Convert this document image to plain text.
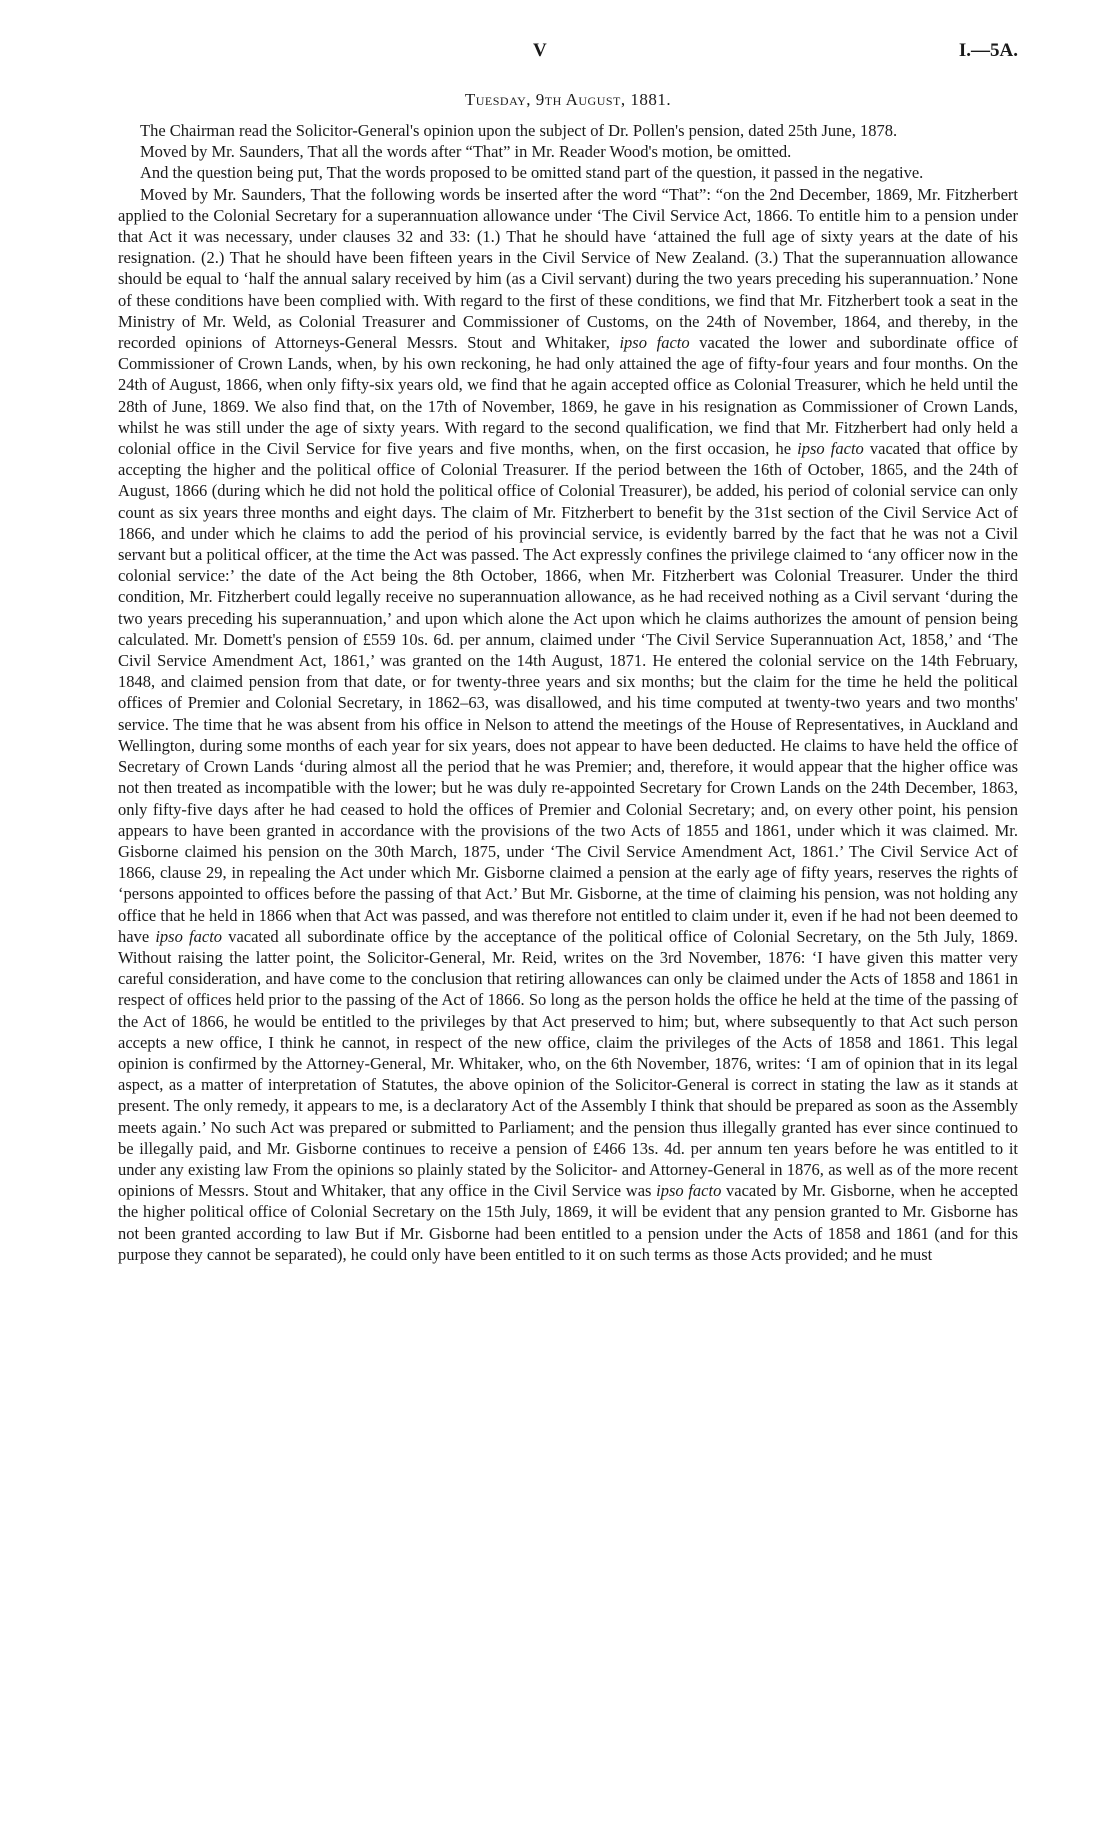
V	I.—5A.
Tuesday, 9th August, 1881.

The Chairman read the Solicitor-General's opinion upon the subject of Dr. Pollen's pension, dated 25th June, 1878.

Moved by Mr. Saunders, That all the words after “That” in Mr. Reader Wood's motion, be omitted.

And the question being put, That the words proposed to be omitted stand part of the question, it passed in the negative.

Moved by Mr. Saunders, That the following words be inserted after the word “That”: “on the 2nd December, 1869, Mr. Fitzherbert applied to the Colonial Secretary for a superannuation allowance under ‘The Civil Service Act, 1866. To entitle him to a pension under that Act it was necessary, under clauses 32 and 33: (1.) That he should have ‘attained the full age of sixty years at the date of his resignation. (2.) That he should have been fifteen years in the Civil Service of New Zealand. (3.) That the superannuation allowance should be equal to ‘half the annual salary received by him (as a Civil servant) during the two years preceding his superannuation.’ None of these conditions have been complied with. With regard to the first of these conditions, we find that Mr. Fitzherbert took a seat in the Ministry of Mr. Weld, as Colonial Treasurer and Commissioner of Customs, on the 24th of November, 1864, and thereby, in the recorded opinions of Attorneys-General Messrs. Stout and Whitaker, ipso facto vacated the lower and subordinate office of Commissioner of Crown Lands, when, by his own reckoning, he had only attained the age of fifty-four years and four months. On the 24th of August, 1866, when only fifty-six years old, we find that he again accepted office as Colonial Treasurer, which he held until the 28th of June, 1869. We also find that, on the 17th of November, 1869, he gave in his resignation as Commissioner of Crown Lands, whilst he was still under the age of sixty years. With regard to the second qualification, we find that Mr. Fitzherbert had only held a colonial office in the Civil Service for five years and five months, when, on the first occasion, he ipso facto vacated that office by accepting the higher and the political office of Colonial Treasurer. If the period between the 16th of October, 1865, and the 24th of August, 1866 (during which he did not hold the political office of Colonial Treasurer), be added, his period of colonial service can only count as six years three months and eight days. The claim of Mr. Fitzherbert to benefit by the 31st section of the Civil Service Act of 1866, and under which he claims to add the period of his provincial service, is evidently barred by the fact that he was not a Civil servant but a political officer, at the time the Act was passed. The Act expressly confines the privilege claimed to ‘any officer now in the colonial service:’ the date of the Act being the 8th October, 1866, when Mr. Fitzherbert was Colonial Treasurer. Under the third condition, Mr. Fitzherbert could legally receive no superannuation allowance, as he had received nothing as a Civil servant ‘during the two years preceding his superannuation,’ and upon which alone the Act upon which he claims authorizes the amount of pension being calculated. Mr. Domett's pension of £559 10s. 6d. per annum, claimed under ‘The Civil Service Superannuation Act, 1858,’ and ‘The Civil Service Amendment Act, 1861,’ was granted on the 14th August, 1871. He entered the colonial service on the 14th February, 1848, and claimed pension from that date, or for twenty-three years and six months; but the claim for the time he held the political offices of Premier and Colonial Secretary, in 1862–63, was disallowed, and his time computed at twenty-two years and two months' service. The time that he was absent from his office in Nelson to attend the meetings of the House of Representatives, in Auckland and Wellington, during some months of each year for six years, does not appear to have been deducted. He claims to have held the office of Secretary of Crown Lands ‘during almost all the period that he was Premier; and, therefore, it would appear that the higher office was not then treated as incompatible with the lower; but he was duly re-appointed Secretary for Crown Lands on the 24th December, 1863, only fifty-five days after he had ceased to hold the offices of Premier and Colonial Secretary; and, on every other point, his pension appears to have been granted in accordance with the provisions of the two Acts of 1855 and 1861, under which it was claimed. Mr. Gisborne claimed his pension on the 30th March, 1875, under ‘The Civil Service Amendment Act, 1861.’ The Civil Service Act of 1866, clause 29, in repealing the Act under which Mr. Gisborne claimed a pension at the early age of fifty years, reserves the rights of ‘persons appointed to offices before the passing of that Act.’ But Mr. Gisborne, at the time of claiming his pension, was not holding any office that he held in 1866 when that Act was passed, and was therefore not entitled to claim under it, even if he had not been deemed to have ipso facto vacated all subordinate office by the acceptance of the political office of Colonial Secretary, on the 5th July, 1869. Without raising the latter point, the Solicitor-General, Mr. Reid, writes on the 3rd November, 1876: ‘I have given this matter very careful consideration, and have come to the conclusion that retiring allowances can only be claimed under the Acts of 1858 and 1861 in respect of offices held prior to the passing of the Act of 1866. So long as the person holds the office he held at the time of the passing of the Act of 1866, he would be entitled to the privileges by that Act preserved to him; but, where subsequently to that Act such person accepts a new office, I think he cannot, in respect of the new office, claim the privileges of the Acts of 1858 and 1861. This legal opinion is confirmed by the Attorney-General, Mr. Whitaker, who, on the 6th November, 1876, writes: ‘I am of opinion that in its legal aspect, as a matter of interpretation of Statutes, the above opinion of the Solicitor-General is correct in stating the law as it stands at present. The only remedy, it appears to me, is a declaratory Act of the Assembly I think that should be prepared as soon as the Assembly meets again.’ No such Act was prepared or submitted to Parliament; and the pension thus illegally granted has ever since continued to be illegally paid, and Mr. Gisborne continues to receive a pension of £466 13s. 4d. per annum ten years before he was entitled to it under any existing law From the opinions so plainly stated by the Solicitor- and Attorney-General in 1876, as well as of the more recent opinions of Messrs. Stout and Whitaker, that any office in the Civil Service was ipso facto vacated by Mr. Gisborne, when he accepted the higher political office of Colonial Secretary on the 15th July, 1869, it will be evident that any pension granted to Mr. Gisborne has not been granted according to law But if Mr. Gisborne had been entitled to a pension under the Acts of 1858 and 1861 (and for this purpose they cannot be separated), he could only have been entitled to it on such terms as those Acts provided; and he must
